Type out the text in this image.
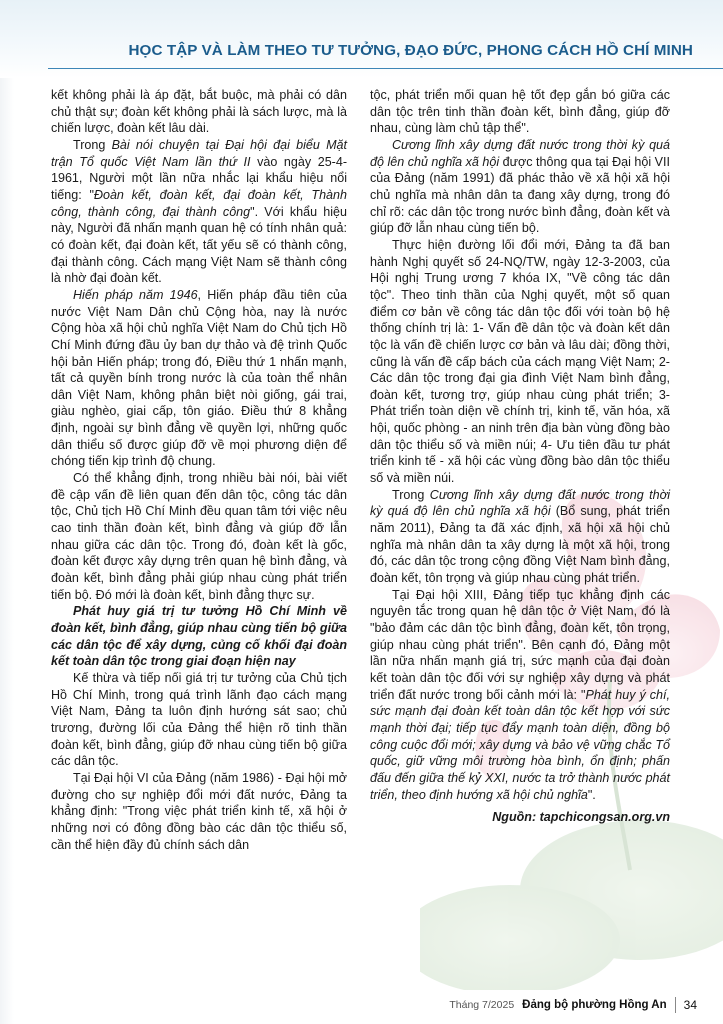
HỌC TẬP VÀ LÀM THEO TƯ TƯỞNG, ĐẠO ĐỨC, PHONG CÁCH HỒ CHÍ MINH

kết không phải là áp đặt, bắt buộc, mà phải có dân chủ thật sự; đoàn kết không phải là sách lược, mà là chiến lược, đoàn kết lâu dài.

Trong Bài nói chuyện tại Đại hội đại biểu Mặt trận Tổ quốc Việt Nam lần thứ II vào ngày 25-4-1961, Người một lần nữa nhắc lại khẩu hiệu nổi tiếng: "Đoàn kết, đoàn kết, đại đoàn kết, Thành công, thành công, đại thành công". Với khẩu hiệu này, Người đã nhấn mạnh quan hệ có tính nhân quả: có đoàn kết, đại đoàn kết, tất yếu sẽ có thành công, đại thành công. Cách mạng Việt Nam sẽ thành công là nhờ đại đoàn kết.

Hiến pháp năm 1946, Hiến pháp đầu tiên của nước Việt Nam Dân chủ Cộng hòa, nay là nước Cộng hòa xã hội chủ nghĩa Việt Nam do Chủ tịch Hồ Chí Minh đứng đầu ủy ban dự thảo và đệ trình Quốc hội bản Hiến pháp; trong đó, Điều thứ 1 nhấn mạnh, tất cả quyền bính trong nước là của toàn thể nhân dân Việt Nam, không phân biệt nòi giống, gái trai, giàu nghèo, giai cấp, tôn giáo. Điều thứ 8 khẳng định, ngoài sự bình đẳng về quyền lợi, những quốc dân thiểu số được giúp đỡ về mọi phương diện để chóng tiến kịp trình độ chung.

Có thể khẳng định, trong nhiều bài nói, bài viết đề cập vấn đề liên quan đến dân tộc, công tác dân tộc, Chủ tịch Hồ Chí Minh đều quan tâm tới việc nêu cao tinh thần đoàn kết, bình đẳng và giúp đỡ lẫn nhau giữa các dân tộc. Trong đó, đoàn kết là gốc, đoàn kết được xây dựng trên quan hệ bình đẳng, và đoàn kết, bình đẳng phải giúp nhau cùng phát triển tiến bộ. Đó mới là đoàn kết, bình đẳng thực sự.

Phát huy giá trị tư tưởng Hồ Chí Minh về đoàn kết, bình đẳng, giúp nhau cùng tiến bộ giữa các dân tộc để xây dựng, củng cố khối đại đoàn kết toàn dân tộc trong giai đoạn hiện nay

Kế thừa và tiếp nối giá trị tư tưởng của Chủ tịch Hồ Chí Minh, trong quá trình lãnh đạo cách mạng Việt Nam, Đảng ta luôn định hướng sát sao; chủ trương, đường lối của Đảng thể hiện rõ tinh thần đoàn kết, bình đẳng, giúp đỡ nhau cùng tiến bộ giữa các dân tộc.

Tại Đại hội VI của Đảng (năm 1986) - Đại hội mở đường cho sự nghiệp đổi mới đất nước, Đảng ta khẳng định: "Trong việc phát triển kinh tế, xã hội ở những nơi có đông đồng bào các dân tộc thiểu số, cần thể hiện đầy đủ chính sách dân

tộc, phát triển mối quan hệ tốt đẹp gắn bó giữa các dân tộc trên tinh thần đoàn kết, bình đẳng, giúp đỡ nhau, cùng làm chủ tập thể".

Cương lĩnh xây dựng đất nước trong thời kỳ quá độ lên chủ nghĩa xã hội được thông qua tại Đại hội VII của Đảng (năm 1991) đã phác thảo về xã hội xã hội chủ nghĩa mà nhân dân ta đang xây dựng, trong đó chỉ rõ: các dân tộc trong nước bình đẳng, đoàn kết và giúp đỡ lẫn nhau cùng tiến bộ.

Thực hiện đường lối đổi mới, Đảng ta đã ban hành Nghị quyết số 24-NQ/TW, ngày 12-3-2003, của Hội nghị Trung ương 7 khóa IX, "Về công tác dân tộc". Theo tinh thần của Nghị quyết, một số quan điểm cơ bản về công tác dân tộc đối với toàn bộ hệ thống chính trị là: 1- Vấn đề dân tộc và đoàn kết dân tộc là vấn đề chiến lược cơ bản và lâu dài; đồng thời, cũng là vấn đề cấp bách của cách mạng Việt Nam; 2- Các dân tộc trong đại gia đình Việt Nam bình đẳng, đoàn kết, tương trợ, giúp nhau cùng phát triển; 3- Phát triển toàn diện về chính trị, kinh tế, văn hóa, xã hội, quốc phòng - an ninh trên địa bàn vùng đồng bào dân tộc thiểu số và miền núi; 4- Ưu tiên đầu tư phát triển kinh tế - xã hội các vùng đồng bào dân tộc thiểu số và miền núi.

Trong Cương lĩnh xây dựng đất nước trong thời kỳ quá độ lên chủ nghĩa xã hội (Bổ sung, phát triển năm 2011), Đảng ta đã xác định, xã hội xã hội chủ nghĩa mà nhân dân ta xây dựng là một xã hội, trong đó, các dân tộc trong cộng đồng Việt Nam bình đẳng, đoàn kết, tôn trọng và giúp nhau cùng phát triển.

Tại Đại hội XIII, Đảng tiếp tục khẳng định các nguyên tắc trong quan hệ dân tộc ở Việt Nam, đó là "bảo đảm các dân tộc bình đẳng, đoàn kết, tôn trọng, giúp nhau cùng phát triển". Bên cạnh đó, Đảng một lần nữa nhấn mạnh giá trị, sức mạnh của đại đoàn kết toàn dân tộc đối với sự nghiệp xây dựng và phát triển đất nước trong bối cảnh mới là: "Phát huy ý chí, sức mạnh đại đoàn kết toàn dân tộc kết hợp với sức mạnh thời đại; tiếp tục đẩy mạnh toàn diện, đồng bộ công cuộc đổi mới; xây dựng và bảo vệ vững chắc Tổ quốc, giữ vững môi trường hòa bình, ổn định; phấn đấu đến giữa thế kỷ XXI, nước ta trở thành nước phát triển, theo định hướng xã hội chủ nghĩa".

Nguồn: tapchicongsan.org.vn

Tháng 7/2025 Đảng bộ phường Hồng An 34
